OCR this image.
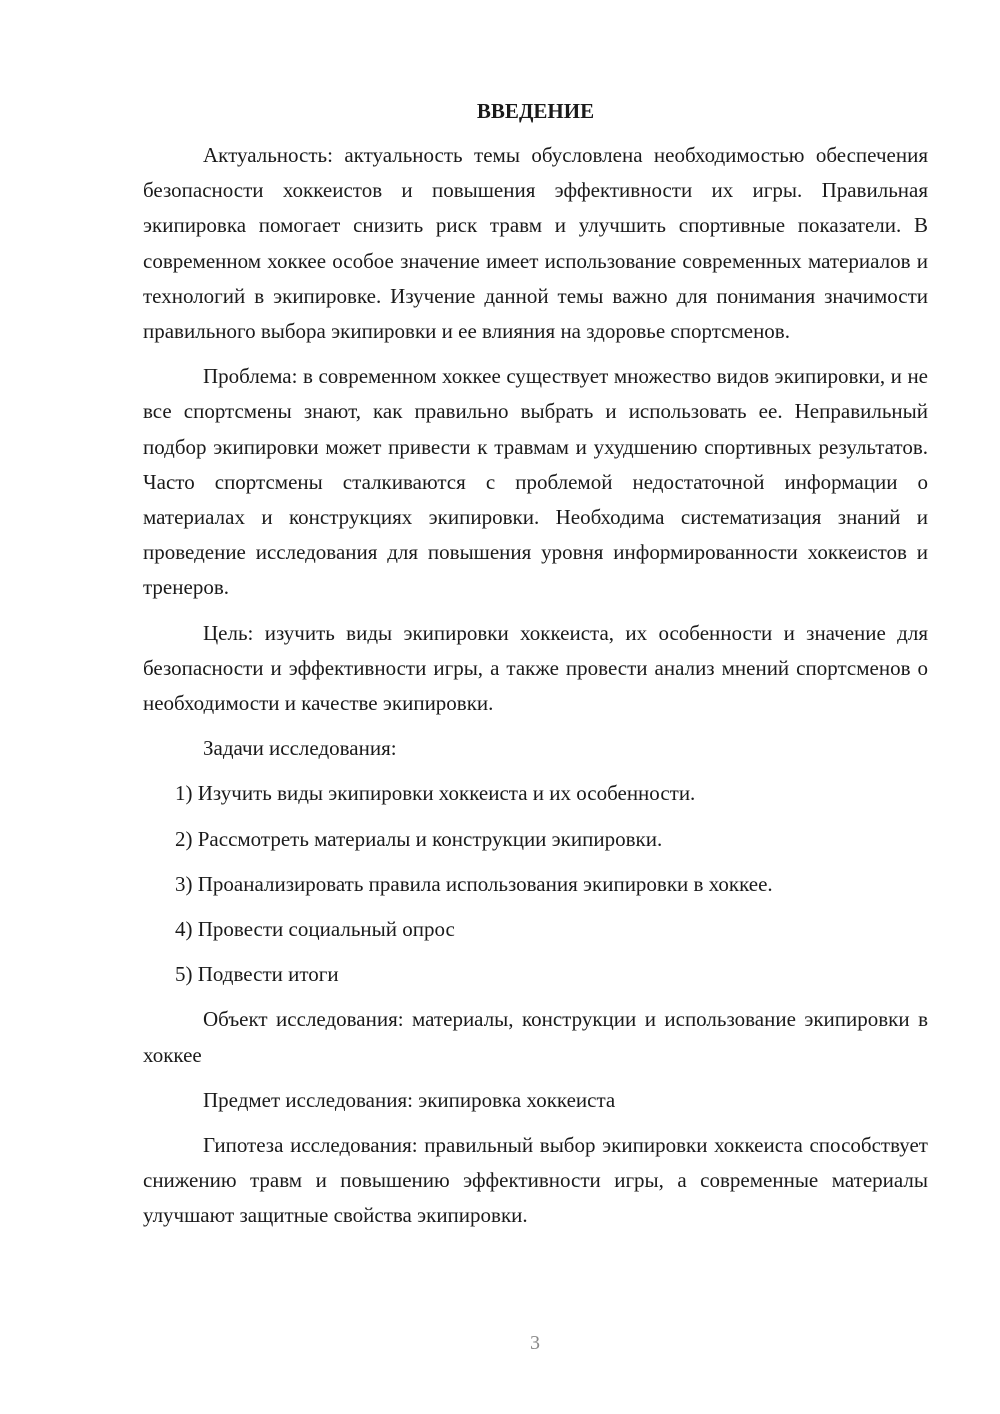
ВВЕДЕНИЕ

Актуальность: актуальность темы обусловлена необходимостью обеспечения безопасности хоккеистов и повышения эффективности их игры. Правильная экипировка помогает снизить риск травм и улучшить спортивные показатели. В современном хоккее особое значение имеет использование современных материалов и технологий в экипировке. Изучение данной темы важно для понимания значимости правильного выбора экипировки и ее влияния на здоровье спортсменов.

Проблема: в современном хоккее существует множество видов экипировки, и не все спортсмены знают, как правильно выбрать и использовать ее. Неправильный подбор экипировки может привести к травмам и ухудшению спортивных результатов. Часто спортсмены сталкиваются с проблемой недостаточной информации о материалах и конструкциях экипировки. Необходима систематизация знаний и проведение исследования для повышения уровня информированности хоккеистов и тренеров.

Цель: изучить виды экипировки хоккеиста, их особенности и значение для безопасности и эффективности игры, а также провести анализ мнений спортсменов о необходимости и качестве экипировки.

Задачи исследования:

1) Изучить виды экипировки хоккеиста и их особенности.
2) Рассмотреть материалы и конструкции экипировки.
3) Проанализировать правила использования экипировки в хоккее.
4) Провести социальный опрос
5) Подвести итоги

Объект исследования: материалы, конструкции и использование экипировки в хоккее

Предмет исследования: экипировка хоккеиста

Гипотеза исследования: правильный выбор экипировки хоккеиста способствует снижению травм и повышению эффективности игры, а современные материалы улучшают защитные свойства экипировки.

3
